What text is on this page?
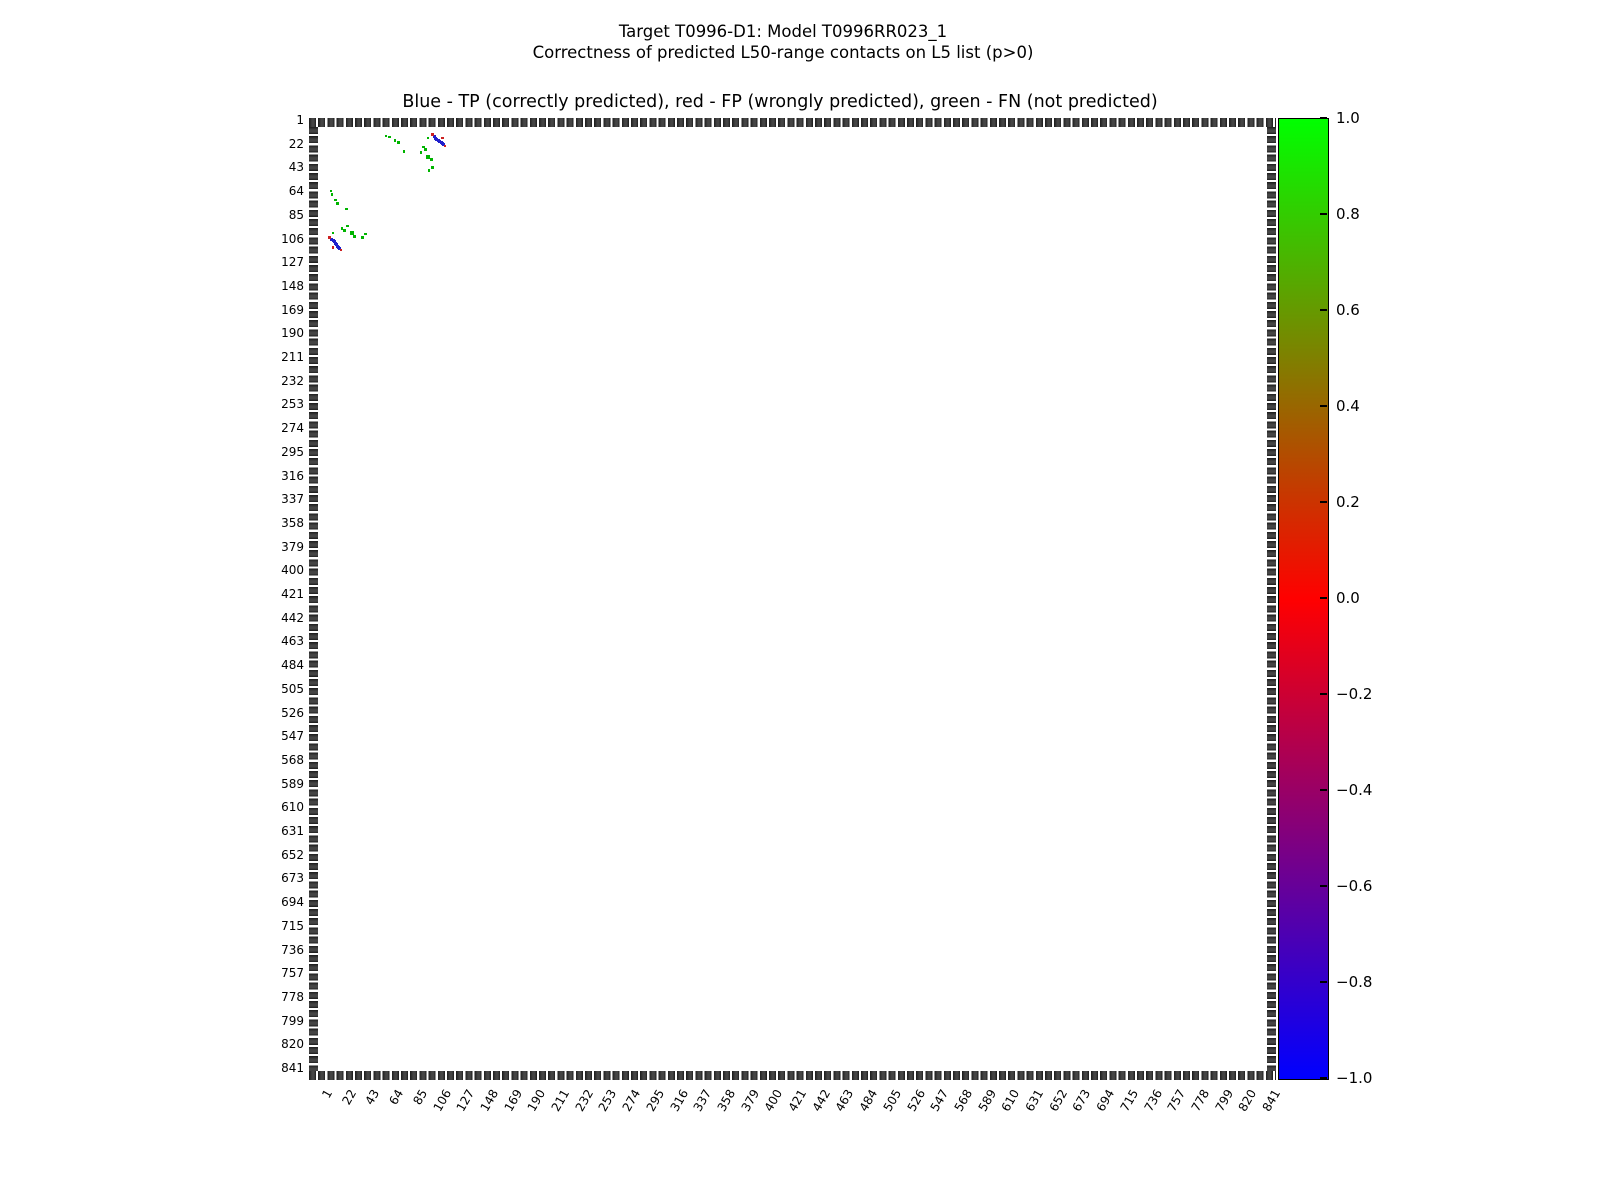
Target T0996-D1: Model T0996RR023_1
Correctness of predicted L50-range contacts on L5 list (p>0)
Blue - TP (correctly predicted), red - FP (wrongly predicted), green - FN (not predicted)
1
22
43
64
85
106
127
148
169
190
211
232
253
274
295
316
337
358
379
400
421
442
463
484
505
526
547
568
589
610
631
652
673
694
715
736
757
778
799
820
841
1 22 43 64 85 106 127 148 169 190 211 232 253 274 295 316 337 358 379 400 421 442 463 484 505 526 547 568 589 610 631 652 673 694 715 736 757 778 799 820 841
1.0
0.8
0.6
0.4
0.2
0.0
−0.2
−0.4
−0.6
−0.8
−1.0
